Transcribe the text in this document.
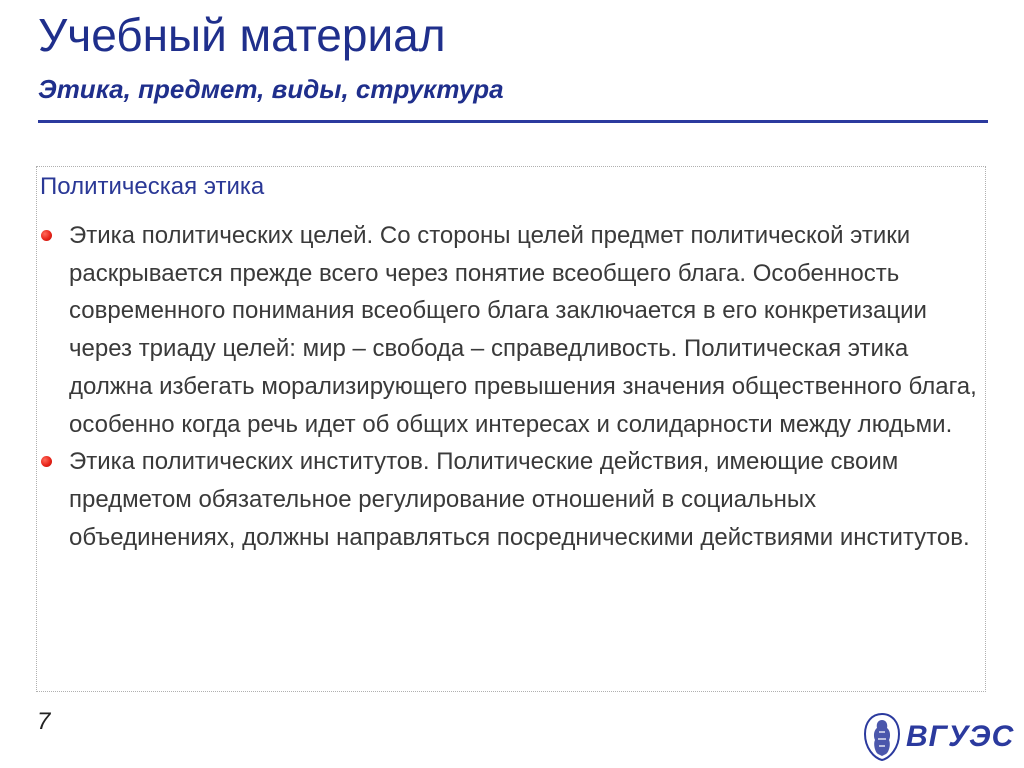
Учебный материал
Этика, предмет, виды, структура
Политическая этика
Этика политических целей. Со стороны целей предмет политической этики раскрывается прежде всего через понятие всеобщего блага. Особенность современного понимания всеобщего блага заключается в его конкретизации через триаду целей: мир – свобода – справедливость. Политическая этика должна избегать морализирующего превышения значения общественного блага, особенно когда речь идет об общих интересах и солидарности между людьми.
Этика политических институтов. Политические действия, имеющие своим предметом обязательное регулирование отношений в социальных объединениях, должны направляться посредническими действиями институтов.
7	ВГУЭС
